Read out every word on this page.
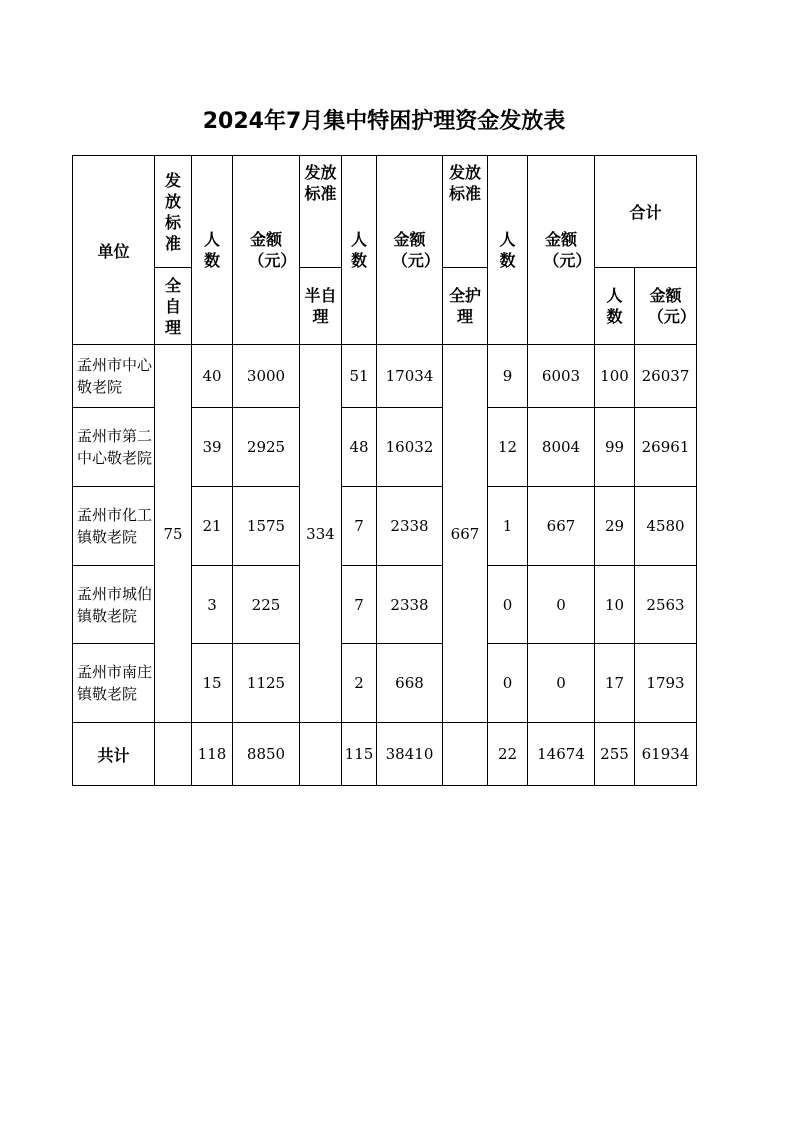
2024年7月集中特困护理资金发放表
单位	发放标准	人数	金额（元）	发放标准	人数	金额（元）	发放标准	人数	金额（元）	合计	
	全自理			半自理			全护理			人数	金额（元）
孟州市中心敬老院	75	40	3000	334	51	17034	667	9	6003	100	26037
孟州市第二中心敬老院		39	2925		48	16032		12	8004	99	26961
孟州市化工镇敬老院		21	1575		7	2338		1	667	29	4580
孟州市城伯镇敬老院		3	225		7	2338		0	0	10	2563
孟州市南庄镇敬老院		15	1125		2	668		0	0	17	1793
共计		118	8850		115	38410		22	14674	255	61934
